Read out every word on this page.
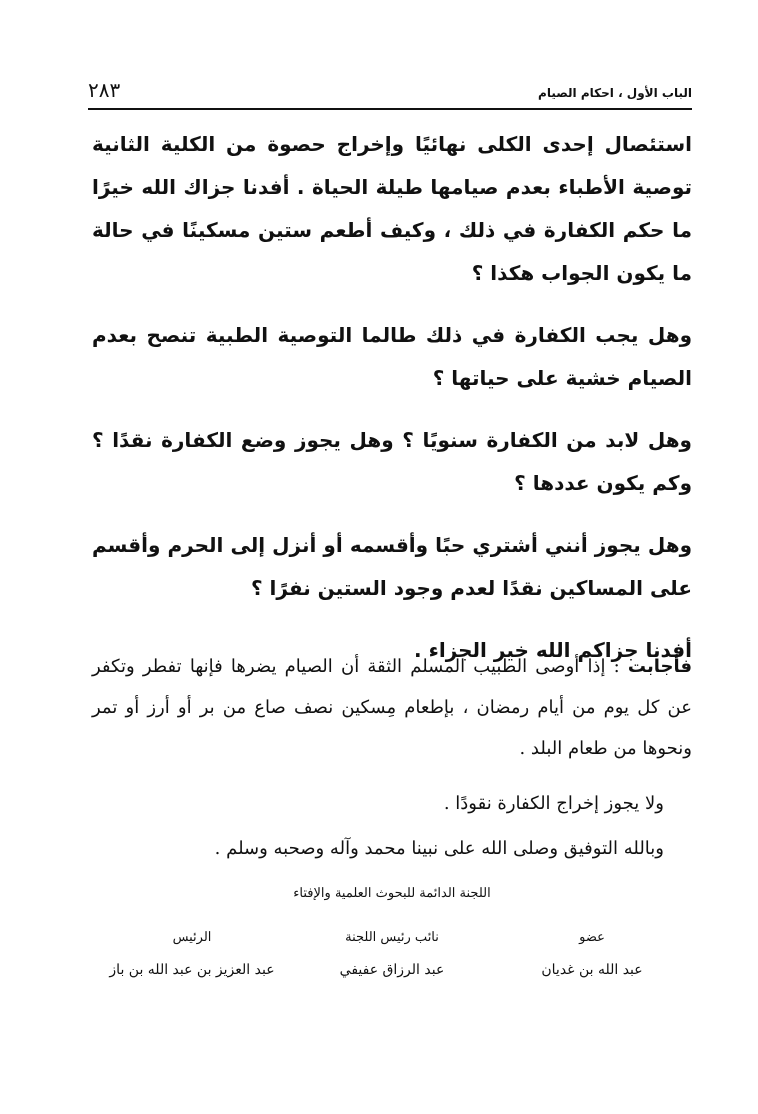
الباب الأول ، احكام الصيام
٢٨٣

استئصال إحدى الكلى نهائيًا وإخراج حصوة من الكلية الثانية توصية الأطباء بعدم صيامها طيلة الحياة . أفدنا جزاك الله خيرًا ما حكم الكفارة في ذلك ، وكيف أطعم ستين مسكينًا في حالة ما يكون الجواب هكذا ؟

وهل يجب الكفارة في ذلك طالما التوصية الطبية تنصح بعدم الصيام خشية على حياتها ؟

وهل لابد من الكفارة سنويًا ؟ وهل يجوز وضع الكفارة نقدًا ؟ وكم يكون عددها ؟

وهل يجوز أنني أشتري حبًا وأقسمه أو أنزل إلى الحرم وأقسم على المساكين نقدًا لعدم وجود الستين نفرًا ؟

أفدنا جزاكم الله خير الجزاء .

فأجابت : إذا أوصى الطبيب المسلم الثقة أن الصيام يضرها فإنها تفطر وتكفر عن كل يوم من أيام رمضان ، بإطعام مِسكين نصف صاع من بر أو أرز أو تمر ونحوها من طعام البلد .

ولا يجوز إخراج الكفارة نقودًا .

وبالله التوفيق وصلى الله على نبينا محمد وآله وصحبه وسلم .

اللجنة الدائمة للبحوث العلمية والإفتاء
عضو
عبد الله بن غديان
نائب رئيس اللجنة
عبد الرزاق عفيفي
الرئيس
عبد العزيز بن عبد الله بن باز
